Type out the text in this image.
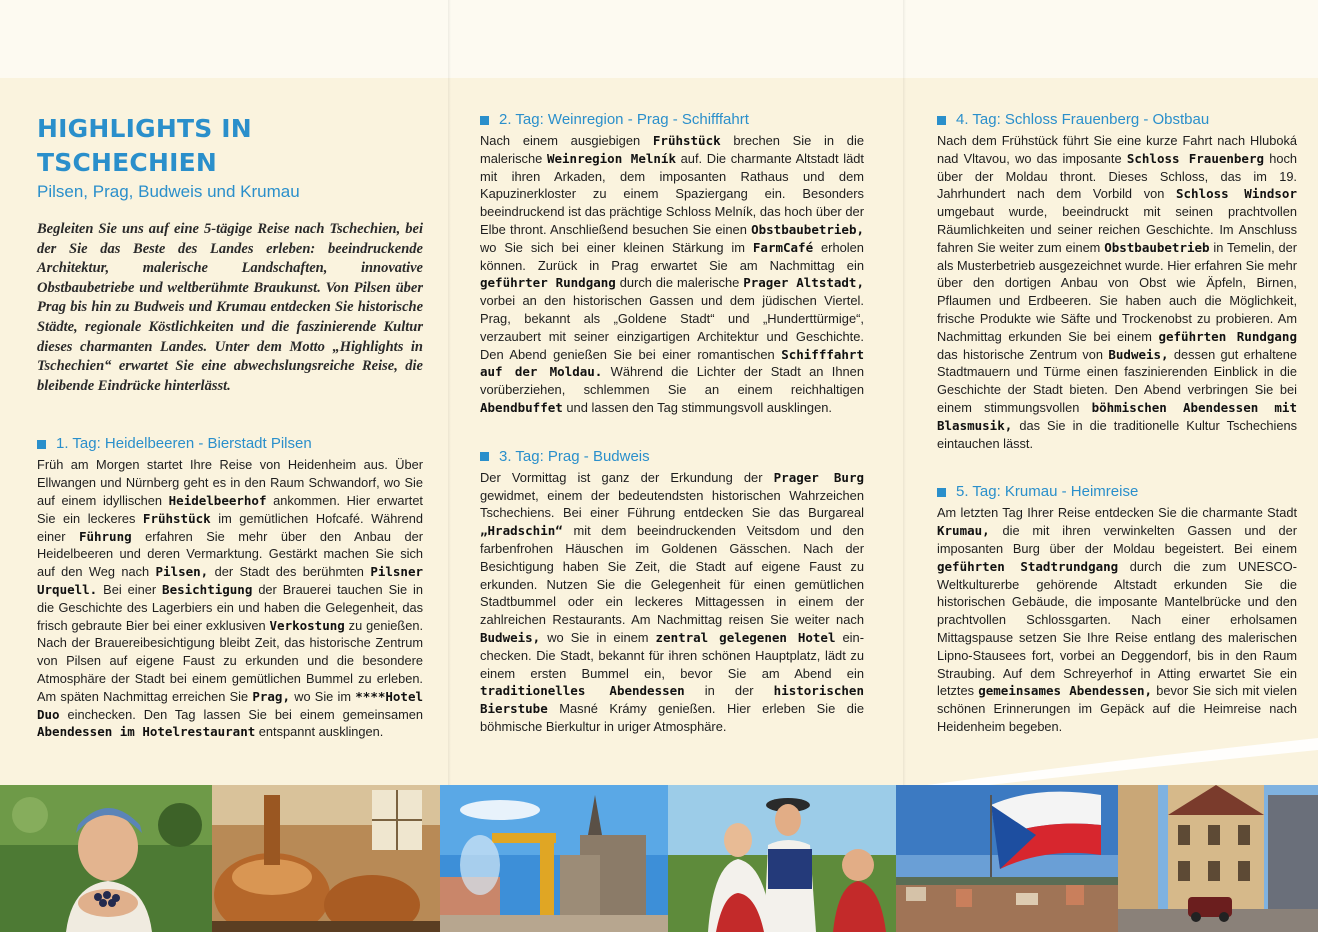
HIGHLIGHTS IN TSCHECHIEN

Pilsen, Prag, Budweis und Krumau

Begleiten Sie uns auf eine 5-tägige Reise nach Tschechien, bei der Sie das Beste des Landes erleben: beeindruckende Architektur, malerische Landschaften, innovative Obstbaubetriebe und weltberühmte Braukunst. Von Pilsen über Prag bis hin zu Budweis und Krumau entdecken Sie historische Städte, regionale Köstlichkeiten und die faszinierende Kultur dieses charmanten Landes. Unter dem Motto „Highlights in Tschechien“ erwartet Sie eine abwechslungsreiche Reise, die bleibende Eindrücke hinterlässt.

1. Tag: Heidelbeeren - Bierstadt Pilsen

Früh am Morgen startet Ihre Reise von Heidenheim aus. Über Ellwangen und Nürnberg geht es in den Raum Schwandorf, wo Sie auf einem idyllischen Heidelbeerhof ankommen. Hier erwartet Sie ein leckeres Frühstück im gemütlichen Hofcafé. Während einer Führung erfahren Sie mehr über den Anbau der Heidelbeeren und deren Vermarktung. Gestärkt machen Sie sich auf den Weg nach Pilsen, der Stadt des berühmten Pilsner Urquell. Bei einer Besichtigung der Brauerei tauchen Sie in die Geschichte des Lagerbiers ein und haben die Gelegenheit, das frisch gebraute Bier bei einer exklusiven Verkostung zu genießen. Nach der Brauereibesichtigung bleibt Zeit, das historische Zentrum von Pilsen auf eigene Faust zu erkunden und die besondere Atmosphäre der Stadt bei einem gemütlichen Bummel zu erleben. Am späten Nachmittag erreichen Sie Prag, wo Sie im ****Hotel Duo einchecken. Den Tag lassen Sie bei einem gemeinsamen Abendessen im Hotelrestaurant entspannt ausklingen.

2. Tag: Weinregion - Prag - Schifffahrt

Nach einem ausgiebigen Frühstück brechen Sie in die malerische Weinregion Melník auf. Die charmante Altstadt lädt mit ihren Arkaden, dem imposanten Rathaus und dem Kapuzinerkloster zu einem Spaziergang ein. Besonders beeindruckend ist das prächtige Schloss Melník, das hoch über der Elbe thront. Anschließend besuchen Sie einen Obstbaubetrieb, wo Sie sich bei einer kleinen Stärkung im FarmCafé erholen können. Zurück in Prag erwartet Sie am Nachmittag ein geführter Rundgang durch die malerische Prager Altstadt, vorbei an den historischen Gassen und dem jüdischen Viertel. Prag, bekannt als „Goldene Stadt“ und „Hunderttürmige“, verzaubert mit seiner einzigartigen Architektur und Geschichte. Den Abend genießen Sie bei einer romantischen Schifffahrt auf der Moldau. Während die Lichter der Stadt an Ihnen vorüberziehen, schlemmen Sie an einem reichhaltigen Abendbuffet und lassen den Tag stimmungsvoll ausklingen.

3. Tag: Prag - Budweis

Der Vormittag ist ganz der Erkundung der Prager Burg gewidmet, einem der bedeutendsten historischen Wahrzeichen Tschechiens. Bei einer Führung entdecken Sie das Burgareal „Hradschin“ mit dem beeindruckenden Veitsdom und den farbenfrohen Häuschen im Goldenen Gässchen. Nach der Besichtigung haben Sie Zeit, die Stadt auf eigene Faust zu erkunden. Nutzen Sie die Gelegenheit für einen gemütlichen Stadtbummel oder ein leckeres Mittagessen in einem der zahlreichen Restaurants. Am Nachmittag reisen Sie weiter nach Budweis, wo Sie in einem zentral gelegenen Hotel ein-checken. Die Stadt, bekannt für ihren schönen Hauptplatz, lädt zu einem ersten Bummel ein, bevor Sie am Abend ein traditionelles Abendessen in der historischen Bierstube Masné Krámy genießen. Hier erleben Sie die böhmische Bierkultur in uriger Atmosphäre.

4. Tag: Schloss Frauenberg - Obstbau

Nach dem Frühstück führt Sie eine kurze Fahrt nach Hluboká nad Vltavou, wo das imposante Schloss Frauenberg hoch über der Moldau thront. Dieses Schloss, das im 19. Jahrhundert nach dem Vorbild von Schloss Windsor umgebaut wurde, beeindruckt mit seinen prachtvollen Räumlichkeiten und seiner reichen Geschichte. Im Anschluss fahren Sie weiter zum einem Obstbaubetrieb in Temelin, der als Musterbetrieb ausgezeichnet wurde. Hier erfahren Sie mehr über den dortigen Anbau von Obst wie Äpfeln, Birnen, Pflaumen und Erdbeeren. Sie haben auch die Möglichkeit, frische Produkte wie Säfte und Trockenobst zu probieren. Am Nachmittag erkunden Sie bei einem geführten Rundgang das historische Zentrum von Budweis, dessen gut erhaltene Stadtmauern und Türme einen faszinierenden Einblick in die Geschichte der Stadt bieten. Den Abend verbringen Sie bei einem stimmungsvollen böhmischen Abendessen mit Blasmusik, das Sie in die traditionelle Kultur Tschechiens eintauchen lässt.

5. Tag: Krumau - Heimreise

Am letzten Tag Ihrer Reise entdecken Sie die charmante Stadt Krumau, die mit ihren verwinkelten Gassen und der imposanten Burg über der Moldau begeistert. Bei einem geführten Stadtrundgang durch die zum UNESCO-Weltkulturerbe gehörende Altstadt erkunden Sie die historischen Gebäude, die imposante Mantelbrücke und den prachtvollen Schlossgarten. Nach einer erholsamen Mittagspause setzen Sie Ihre Reise entlang des malerischen Lipno-Stausees fort, vorbei an Deggendorf, bis in den Raum Straubing. Auf dem Schreyerhof in Atting erwartet Sie ein letztes gemeinsames Abendessen, bevor Sie sich mit vielen schönen Erinnerungen im Gepäck auf die Heimreise nach Heidenheim begeben.
